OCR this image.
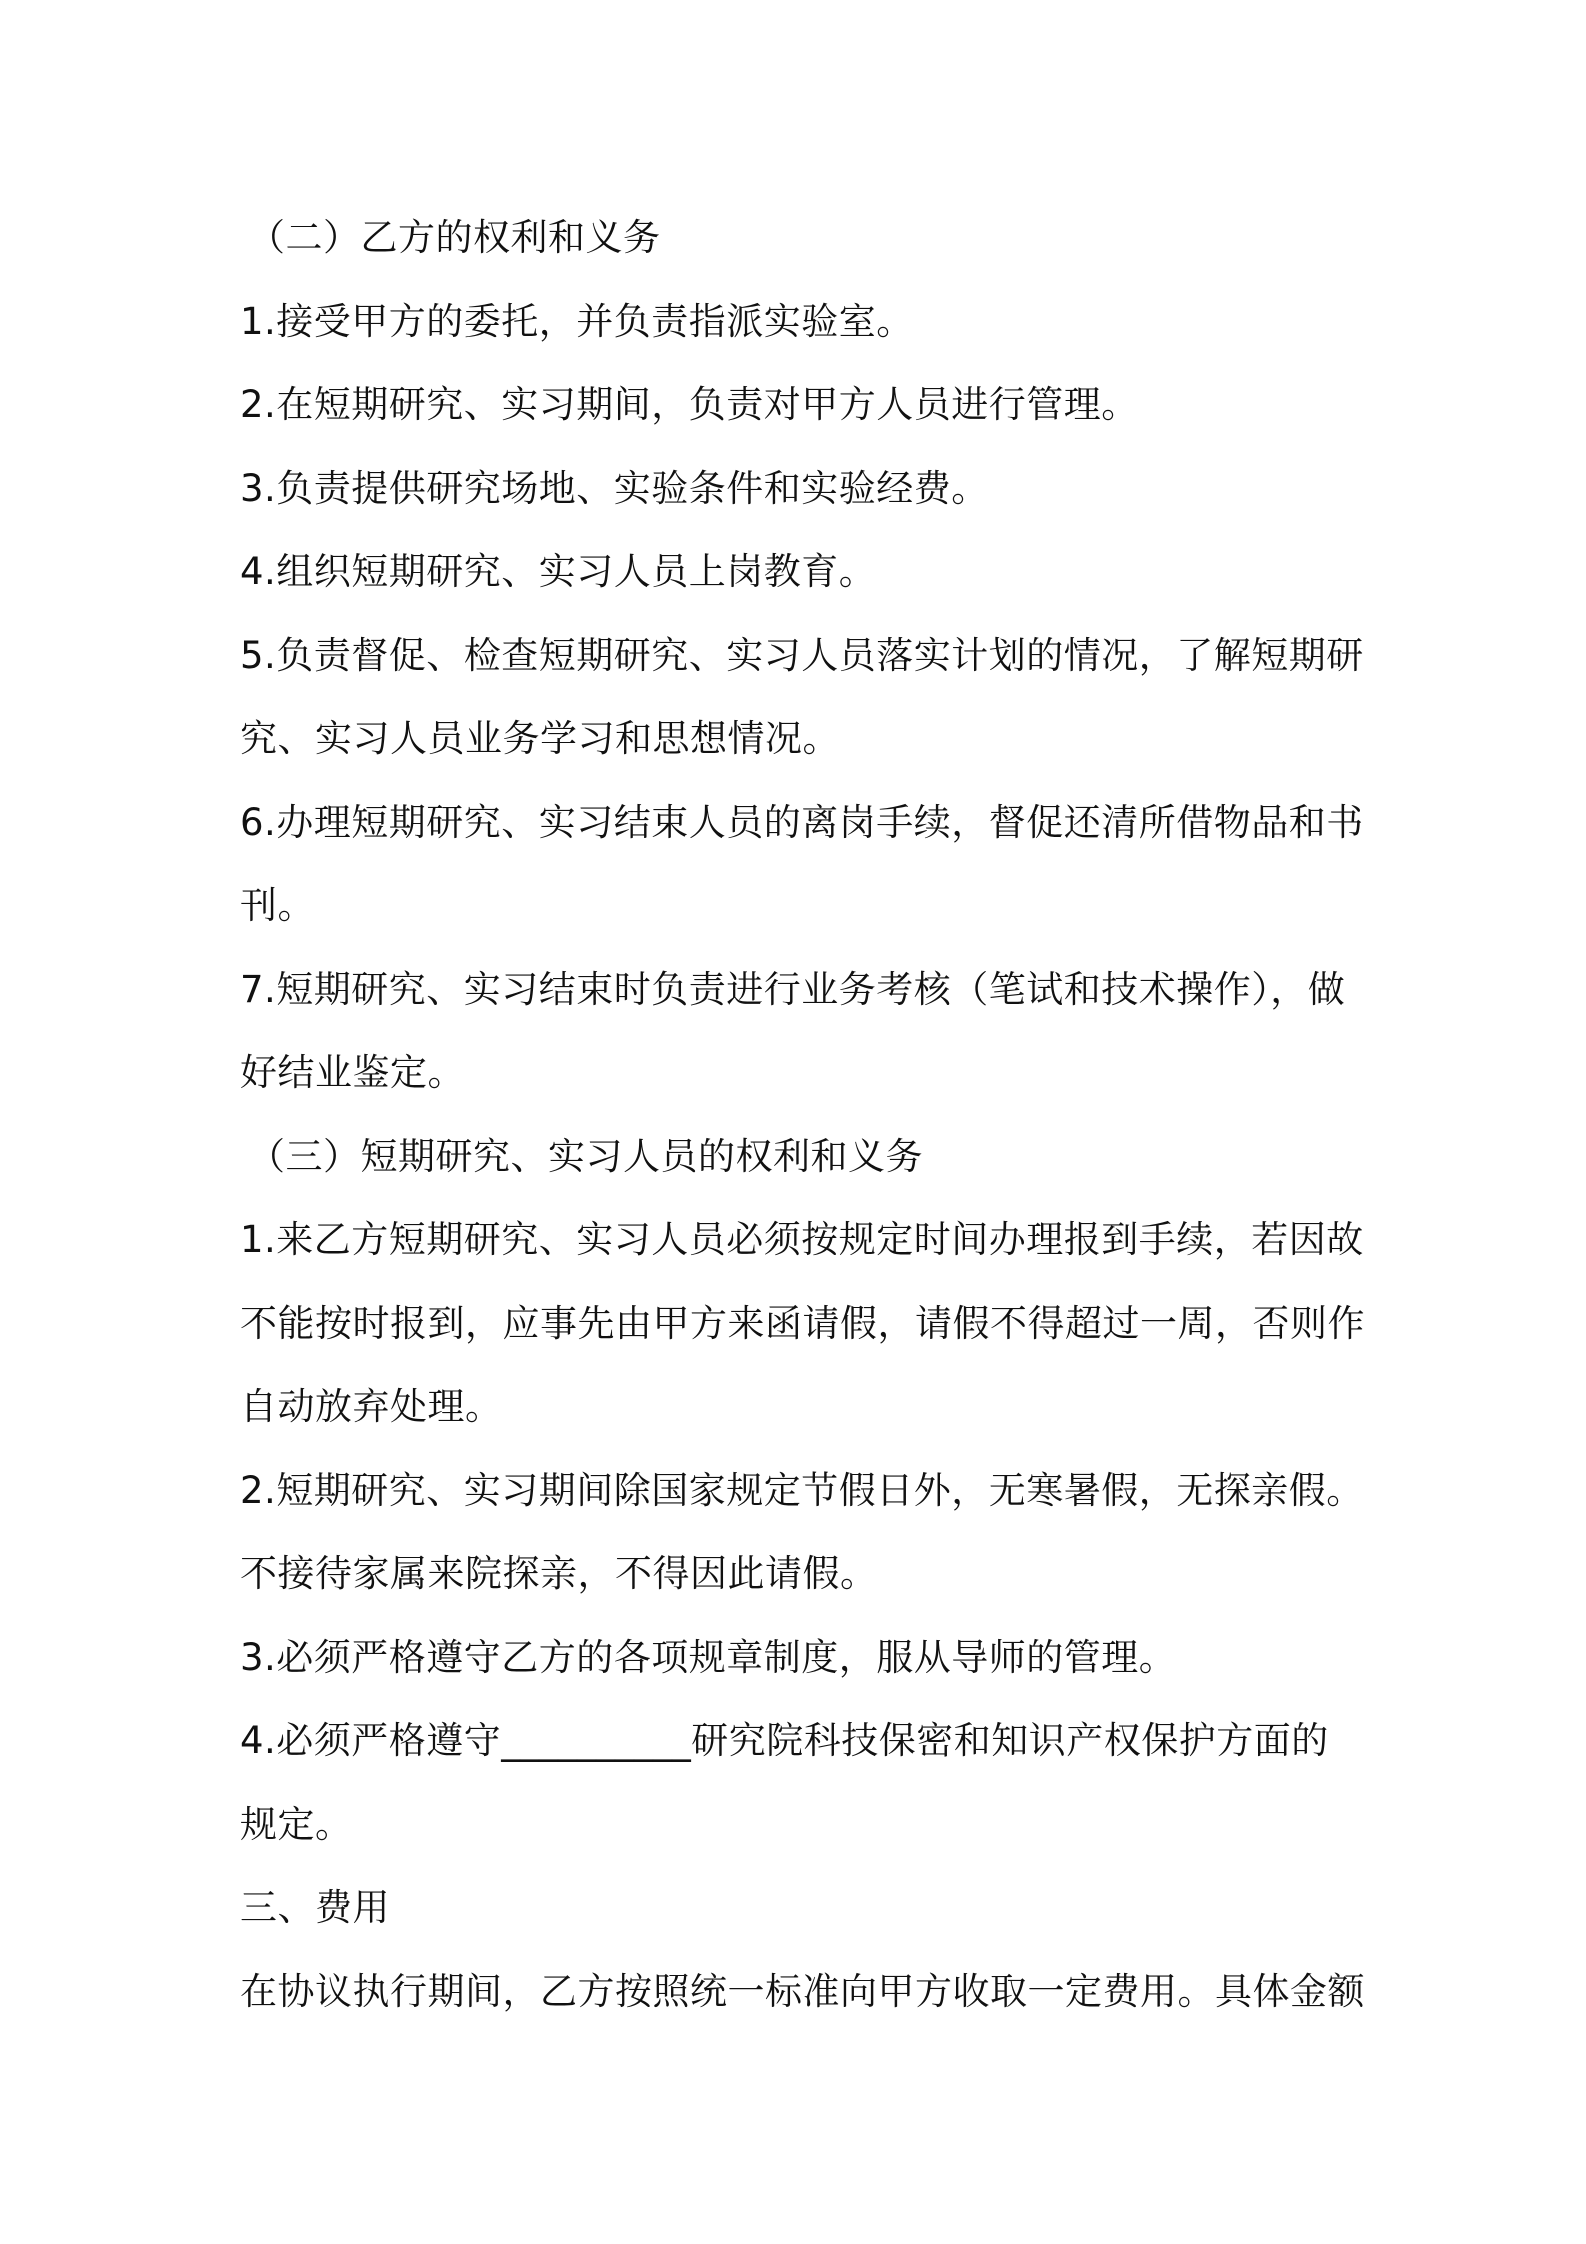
（二）乙方的权利和义务

1.接受甲方的委托，并负责指派实验室。

2.在短期研究、实习期间，负责对甲方人员进行管理。

3.负责提供研究场地、实验条件和实验经费。

4.组织短期研究、实习人员上岗教育。

5.负责督促、检查短期研究、实习人员落实计划的情况，了解短期研

究、实习人员业务学习和思想情况。

6.办理短期研究、实习结束人员的离岗手续，督促还清所借物品和书

刊。

7.短期研究、实习结束时负责进行业务考核（笔试和技术操作），做

好结业鉴定。

（三）短期研究、实习人员的权利和义务

1.来乙方短期研究、实习人员必须按规定时间办理报到手续，若因故

不能按时报到，应事先由甲方来函请假，请假不得超过一周，否则作

自动放弃处理。

2.短期研究、实习期间除国家规定节假日外，无寒暑假，无探亲假。

不接待家属来院探亲，不得因此请假。

3.必须严格遵守乙方的各项规章制度，服从导师的管理。

4.必须严格遵守__________研究院科技保密和知识产权保护方面的

规定。

三、费用

在协议执行期间，乙方按照统一标准向甲方收取一定费用。具体金额
